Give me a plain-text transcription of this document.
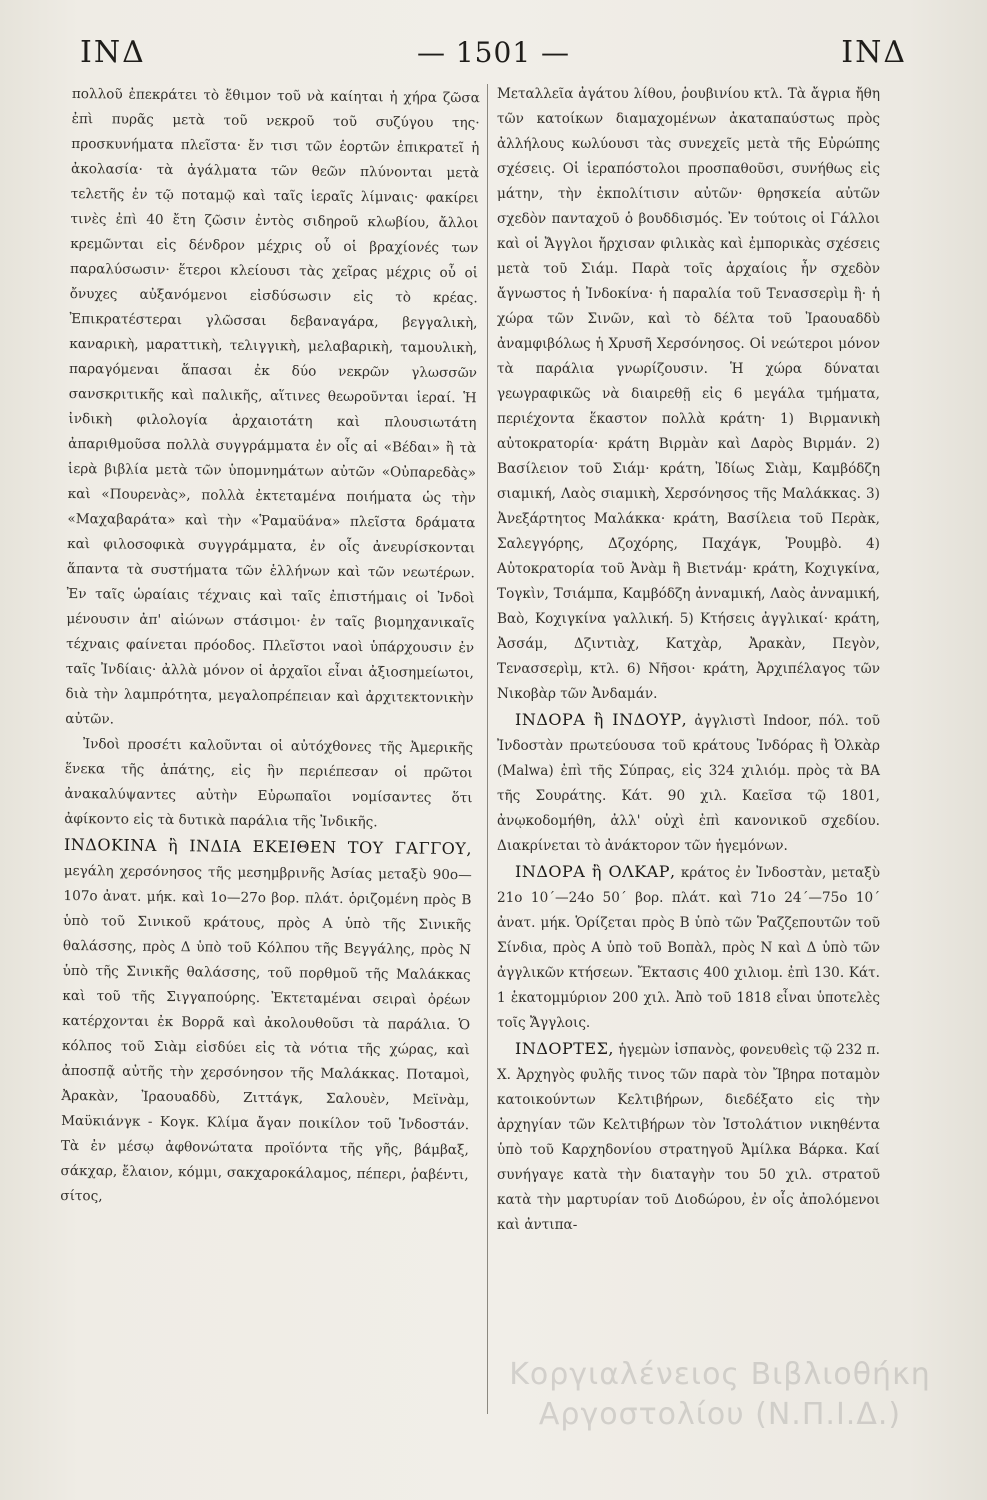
ΙΝΔ	— 1501 —	ΙΝΔ

πολλοῦ ἐπεκράτει τὸ ἔθιμον τοῦ νὰ καίηται ἡ χήρα ζῶσα ἐπὶ πυρᾶς μετὰ τοῦ νεκροῦ τοῦ συζύγου της· προσκυνήματα πλεῖστα· ἔν τισι τῶν ἑορτῶν ἐπικρατεῖ ἡ ἀκολασία· τὰ ἀγάλματα τῶν θεῶν πλύνονται μετὰ τελετῆς ἐν τῷ ποταμῷ καὶ ταῖς ἱεραῖς λίμναις· φακίρει τινὲς ἐπὶ 40 ἔτη ζῶσιν ἐντὸς σιδηροῦ κλωβίου, ἄλλοι κρεμῶνται εἰς δένδρον μέχρις οὗ οἱ βραχίονές των παραλύσωσιν· ἕτεροι κλείουσι τὰς χεῖρας μέχρις οὗ οἱ ὄνυχες αὐξανόμενοι εἰσδύσωσιν εἰς τὸ κρέας. Ἐπικρατέστεραι γλῶσσαι δεβαναγάρα, βεγγαλικὴ, καναρικὴ, μαραττικὴ, τελιγγικὴ, μελαβαρικὴ, ταμουλικὴ, παραγόμεναι ἅπασαι ἐκ δύο νεκρῶν γλωσσῶν σανσκριτικῆς καὶ παλικῆς, αἵτινες θεωροῦνται ἱεραί. Ἡ ἰνδικὴ φιλολογία ἀρχαιοτάτη καὶ πλουσιωτάτη ἀπαριθμοῦσα πολλὰ συγγράμματα ἐν οἷς αἱ «Βέδαι» ἢ τὰ ἱερὰ βιβλία μετὰ τῶν ὑπομνημάτων αὐτῶν «Οὐπαρεδὰς» καὶ «Πουρενὰς», πολλὰ ἐκτεταμένα ποιήματα ὡς τὴν «Μαχαβαράτα» καὶ τὴν «Ῥαμαϋάνα» πλεῖστα δράματα καὶ φιλοσοφικὰ συγγράμματα, ἐν οἷς ἀνευρίσκονται ἅπαντα τὰ συστήματα τῶν ἑλλήνων καὶ τῶν νεωτέρων. Ἐν ταῖς ὡραίαις τέχναις καὶ ταῖς ἐπιστήμαις οἱ Ἰνδοὶ μένουσιν ἀπ' αἰώνων στάσιμοι· ἐν ταῖς βιομηχανικαῖς τέχναις φαίνεται πρόοδος. Πλεῖστοι ναοὶ ὑπάρχουσιν ἐν ταῖς Ἰνδίαις· ἀλλὰ μόνον οἱ ἀρχαῖοι εἶναι ἀξιοσημείωτοι, διὰ τὴν λαμπρότητα, μεγαλοπρέπειαν καὶ ἀρχιτεκτονικὴν αὐτῶν.

Ἰνδοὶ προσέτι καλοῦνται οἱ αὐτόχθονες τῆς Ἀμερικῆς ἕνεκα τῆς ἀπάτης, εἰς ἣν περιέπεσαν οἱ πρῶτοι ἀνακαλύψαντες αὐτὴν Εὐρωπαῖοι νομίσαντες ὅτι ἀφίκοντο εἰς τὰ δυτικὰ παράλια τῆς Ἰνδικῆς.

ΙΝΔΟΚΙΝΑ ἢ ΙΝΔΙΑ ΕΚΕΙΘΕΝ ΤΟΥ ΓΑΓΓΟΥ, μεγάλη χερσόνησος τῆς μεσημβρινῆς Ἀσίας μεταξὺ 90ο—107ο ἀνατ. μήκ. καὶ 1ο—27ο βορ. πλάτ. ὁριζομένη πρὸς Β ὑπὸ τοῦ Σινικοῦ κράτους, πρὸς Α ὑπὸ τῆς Σινικῆς θαλάσσης, πρὸς Δ ὑπὸ τοῦ Κόλπου τῆς Βεγγάλης, πρὸς Ν ὑπὸ τῆς Σινικῆς θαλάσσης, τοῦ πορθμοῦ τῆς Μαλάκκας καὶ τοῦ τῆς Σιγγαπούρης. Ἐκτεταμέναι σειραὶ ὀρέων κατέρχονται ἐκ Βορρᾶ καὶ ἀκολουθοῦσι τὰ παράλια. Ὁ κόλπος τοῦ Σιὰμ εἰσδύει εἰς τὰ νότια τῆς χώρας, καὶ ἀποσπᾷ αὐτῆς τὴν χερσόνησον τῆς Μαλάκκας. Ποταμοὶ, Ἀρακὰν, Ἰραουαδδὺ, Ζιττάγκ, Σαλουὲν, Μεϊνὰμ, Μαϋκιάνγκ - Κογκ. Κλίμα ἄγαν ποικίλον τοῦ Ἰνδοστάν. Τὰ ἐν μέσῳ ἀφθονώτατα προϊόντα τῆς γῆς, βάμβαξ, σάκχαρ, ἔλαιον, κόμμι, σακχαροκάλαμος, πέπερι, ῥαβέντι, σίτος,

Μεταλλεῖα ἀγάτου λίθου, ῥουβινίου κτλ. Τὰ ἄγρια ἤθη τῶν κατοίκων διαμαχομένων ἀκαταπαύστως πρὸς ἀλλήλους κωλύουσι τὰς συνεχεῖς μετὰ τῆς Εὐρώπης σχέσεις. Οἱ ἱεραπόστολοι προσπαθοῦσι, συνήθως εἰς μάτην, τὴν ἐκπολίτισιν αὐτῶν· θρησκεία αὐτῶν σχεδὸν πανταχοῦ ὁ βουδδισμός. Ἐν τούτοις οἱ Γάλλοι καὶ οἱ Ἄγγλοι ἤρχισαν φιλικὰς καὶ ἐμπορικὰς σχέσεις μετὰ τοῦ Σιάμ. Παρὰ τοῖς ἀρχαίοις ἦν σχεδὸν ἄγνωστος ἡ Ἰνδοκίνα· ἡ παραλία τοῦ Τενασσερὶμ ἢ· ἡ χώρα τῶν Σινῶν, καὶ τὸ δέλτα τοῦ Ἰραουαδδὺ ἀναμφιβόλως ἡ Χρυσῆ Χερσόνησος. Οἱ νεώτεροι μόνον τὰ παράλια γνωρίζουσιν. Ἡ χώρα δύναται γεωγραφικῶς νὰ διαιρεθῇ εἰς 6 μεγάλα τμήματα, περιέχοντα ἕκαστον πολλὰ κράτη· 1) Βιρμανικὴ αὐτοκρατορία· κράτη Βιρμὰν καὶ Δαρὸς Βιρμάν. 2) Βασίλειον τοῦ Σιάμ· κράτη, Ἰδίως Σιὰμ, Καμβόδζη σιαμική, Λαὸς σιαμικὴ, Χερσόνησος τῆς Μαλάκκας. 3) Ἀνεξάρτητος Μαλάκκα· κράτη, Βασίλεια τοῦ Περὰκ, Σαλεγγόρης, Δζοχόρης, Παχάγκ, Ῥουμβὸ. 4) Αὐτοκρατορία τοῦ Ἀνὰμ ἢ Βιετνάμ· κράτη, Κοχιγκίνα, Τογκὶν, Τσιάμπα, Καμβόδζη ἀνναμική, Λαὸς ἀνναμική, Βαὸ, Κοχιγκίνα γαλλική. 5) Κτήσεις ἀγγλικαί· κράτη, Ἀσσάμ, Δζιντιὰχ, Κατχὰρ, Ἀρακὰν, Πεγὸν, Τενασσερὶμ, κτλ. 6) Νῆσοι· κράτη, Ἀρχιπέλαγος τῶν Νικοβὰρ τῶν Ἀνδαμάν.

ΙΝΔΟΡΑ ἢ ΙΝΔΟΥΡ, ἀγγλιστὶ Indoor, πόλ. τοῦ Ἰνδοστὰν πρωτεύουσα τοῦ κράτους Ἰνδόρας ἢ Ὀλκὰρ (Malwa) ἐπὶ τῆς Σύπρας, εἰς 324 χιλιόμ. πρὸς τὰ ΒΑ τῆς Σουράτης. Κάτ. 90 χιλ. Καεῖσα τῷ 1801, ἀνῳκοδομήθη, ἀλλ' οὐχὶ ἐπὶ κανονικοῦ σχεδίου. Διακρίνεται τὸ ἀνάκτορον τῶν ἡγεμόνων.

ΙΝΔΟΡΑ ἢ ΟΛΚΑΡ, κράτος ἐν Ἰνδοστὰν, μεταξὺ 21ο 10΄—24ο 50΄ βορ. πλάτ. καὶ 71ο 24΄—75ο 10΄ ἀνατ. μήκ. Ὁρίζεται πρὸς Β ὑπὸ τῶν Ῥαζζεπουτῶν τοῦ Σίνδια, πρὸς Α ὑπὸ τοῦ Βοπὰλ, πρὸς Ν καὶ Δ ὑπὸ τῶν ἀγγλικῶν κτήσεων. Ἔκτασις 400 χιλιομ. ἐπὶ 130. Κάτ. 1 ἑκατομμύριον 200 χιλ. Ἀπὸ τοῦ 1818 εἶναι ὑποτελὲς τοῖς Ἄγγλοις.

ΙΝΔΟΡΤΕΣ, ἡγεμὼν ἰσπανὸς, φονευθεὶς τῷ 232 π. Χ. Ἀρχηγὸς φυλῆς τινος τῶν παρὰ τὸν Ἴβηρα ποταμὸν κατοικούντων Κελτιβήρων, διεδέξατο εἰς τὴν ἀρχηγίαν τῶν Κελτιβήρων τὸν Ἰστολάτιον νικηθέντα ὑπὸ τοῦ Καρχηδονίου στρατηγοῦ Ἀμίλκα Βάρκα. Καί συνήγαγε κατὰ τὴν διαταγὴν του 50 χιλ. στρατοῦ κατὰ τὴν μαρτυρίαν τοῦ Διοδώρου, ἐν οἷς ἀπολόμενοι καὶ ἀντιπα-

Κοργιαλένειος Βιβλιοθήκη Αργοστολίου (Ν.Π.Ι.Δ.)
